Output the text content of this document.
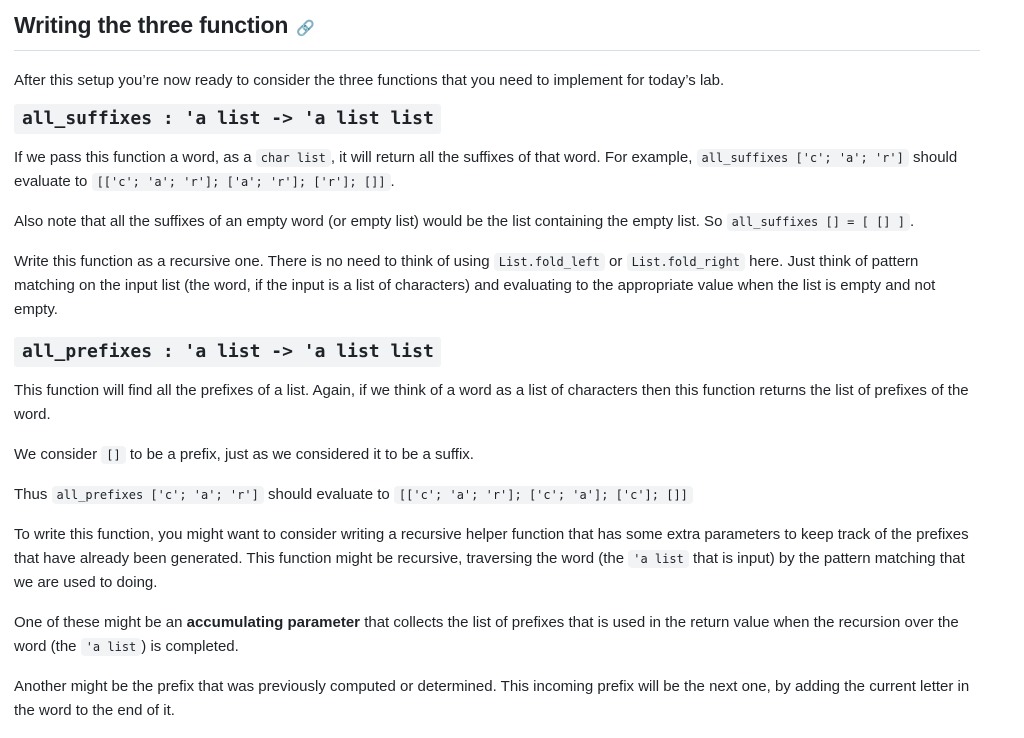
Writing the three function 🔗

After this setup you’re now ready to consider the three functions that you need to implement for today’s lab.

all_suffixes : 'a list -> 'a list list

If we pass this function a word, as a char list , it will return all the suffixes of that word. For example, all_suffixes ['c'; 'a'; 'r'] should evaluate to [['c'; 'a'; 'r']; ['a'; 'r']; ['r']; []] .

Also note that all the suffixes of an empty word (or empty list) would be the list containing the empty list. So all_suffixes [] = [ [] ] .

Write this function as a recursive one. There is no need to think of using List.fold_left or List.fold_right here. Just think of pattern matching on the input list (the word, if the input is a list of characters) and evaluating to the appropriate value when the list is empty and not empty.

all_prefixes : 'a list -> 'a list list

This function will find all the prefixes of a list. Again, if we think of a word as a list of characters then this function returns the list of prefixes of the word.

We consider [] to be a prefix, just as we considered it to be a suffix.

Thus all_prefixes ['c'; 'a'; 'r'] should evaluate to [['c'; 'a'; 'r']; ['c'; 'a']; ['c']; []]

To write this function, you might want to consider writing a recursive helper function that has some extra parameters to keep track of the prefixes that have already been generated. This function might be recursive, traversing the word (the 'a list that is input) by the pattern matching that we are used to doing.

One of these might be an accumulating parameter that collects the list of prefixes that is used in the return value when the recursion over the word (the 'a list ) is completed.

Another might be the prefix that was previously computed or determined. This incoming prefix will be the next one, by adding the current letter in the word to the end of it.
